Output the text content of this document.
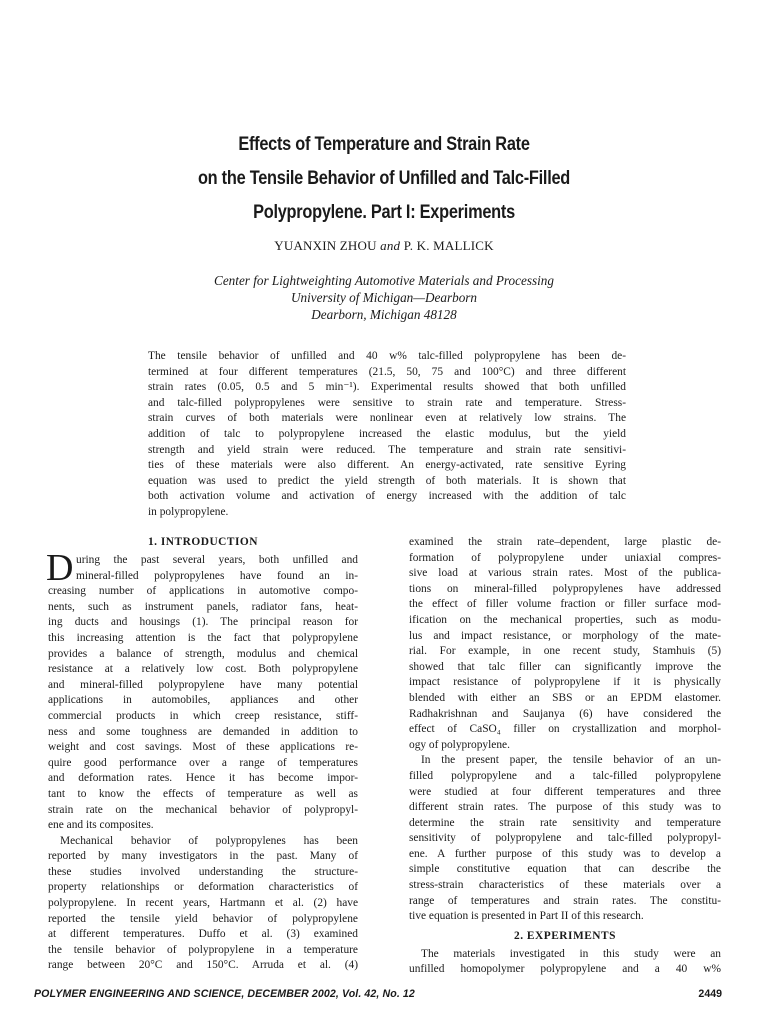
Effects of Temperature and Strain Rate
on the Tensile Behavior of Unfilled and Talc-Filled
Polypropylene. Part I: Experiments
YUANXIN ZHOU and P. K. MALLICK
Center for Lightweighting Automotive Materials and Processing
University of Michigan—Dearborn
Dearborn, Michigan 48128
The tensile behavior of unfilled and 40 w% talc-filled polypropylene has been de-
termined at four different temperatures (21.5, 50, 75 and 100°C) and three different
strain rates (0.05, 0.5 and 5 min⁻¹). Experimental results showed that both unfilled
and talc-filled polypropylenes were sensitive to strain rate and temperature. Stress-
strain curves of both materials were nonlinear even at relatively low strains. The
addition of talc to polypropylene increased the elastic modulus, but the yield
strength and yield strain were reduced. The temperature and strain rate sensitivi-
ties of these materials were also different. An energy-activated, rate sensitive Eyring
equation was used to predict the yield strength of both materials. It is shown that
both activation volume and activation of energy increased with the addition of talc
in polypropylene.
1. INTRODUCTION
D uring the past several years, both unfilled and
mineral-filled polypropylenes have found an in-
creasing number of applications in automotive compo-
nents, such as instrument panels, radiator fans, heat-
ing ducts and housings (1). The principal reason for
this increasing attention is the fact that polypropylene
provides a balance of strength, modulus and chemical
resistance at a relatively low cost. Both polypropylene
and mineral-filled polypropylene have many potential
applications in automobiles, appliances and other
commercial products in which creep resistance, stiff-
ness and some toughness are demanded in addition to
weight and cost savings. Most of these applications re-
quire good performance over a range of temperatures
and deformation rates. Hence it has become impor-
tant to know the effects of temperature as well as
strain rate on the mechanical behavior of polypropyl-
ene and its composites.
Mechanical behavior of polypropylenes has been
reported by many investigators in the past. Many of
these studies involved understanding the structure-
property relationships or deformation characteristics of
polypropylene. In recent years, Hartmann et al. (2) have
reported the tensile yield behavior of polypropylene
at different temperatures. Duffo et al. (3) examined
the tensile behavior of polypropylene in a temperature
range between 20°C and 150°C. Arruda et al. (4)
examined the strain rate–dependent, large plastic de-
formation of polypropylene under uniaxial compres-
sive load at various strain rates. Most of the publica-
tions on mineral-filled polypropylenes have addressed
the effect of filler volume fraction or filler surface mod-
ification on the mechanical properties, such as modu-
lus and impact resistance, or morphology of the mate-
rial. For example, in one recent study, Stamhuis (5)
showed that talc filler can significantly improve the
impact resistance of polypropylene if it is physically
blended with either an SBS or an EPDM elastomer.
Radhakrishnan and Saujanya (6) have considered the
effect of CaSO₄ filler on crystallization and morphol-
ogy of polypropylene.
In the present paper, the tensile behavior of an un-
filled polypropylene and a talc-filled polypropylene
were studied at four different temperatures and three
different strain rates. The purpose of this study was to
determine the strain rate sensitivity and temperature
sensitivity of polypropylene and talc-filled polypropyl-
ene. A further purpose of this study was to develop a
simple constitutive equation that can describe the
stress-strain characteristics of these materials over a
range of temperatures and strain rates. The constitu-
tive equation is presented in Part II of this research.
2. EXPERIMENTS
The materials investigated in this study were an
unfilled homopolymer polypropylene and a 40 w%
POLYMER ENGINEERING AND SCIENCE, DECEMBER 2002, Vol. 42, No. 12	2449
